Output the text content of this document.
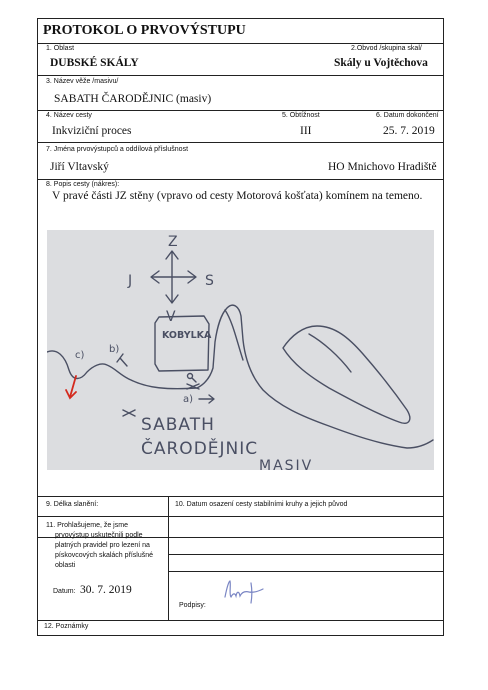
PROTOKOL O PRVOVÝSTUPU
1. Oblast
DUBSKÉ SKÁLY
2.Obvod /skupina skal/
Skály u Vojtěchova
3. Název věže /masivu/
SABATH ČARODĚJNIC (masiv)
4. Název cesty
Inkviziční proces
5. Obtížnost
III
6. Datum dokončení
25. 7. 2019
7. Jména prvovýstupců a oddílová příslušnost
Jiří Vltavský	HO Mnichovo Hradiště
8. Popis cesty (nákres):
V pravé části JZ stěny (vpravo od cesty Motorová košťata) komínem na temeno.
Z
J	S
V
KOBYLKA
a)
b)
c)
SABATH
ČARODĚJNIC
MASIV
9. Délka slanění:	10. Datum osazení cesty stabilními kruhy a jejich původ
11. Prohlašujeme, že jsme
prvovýstup uskutečnili podle
platných pravidel pro lezení na
pískovcových skalách příslušné
oblasti
Datum: 30. 7. 2019
Podpisy:
12. Poznámky
